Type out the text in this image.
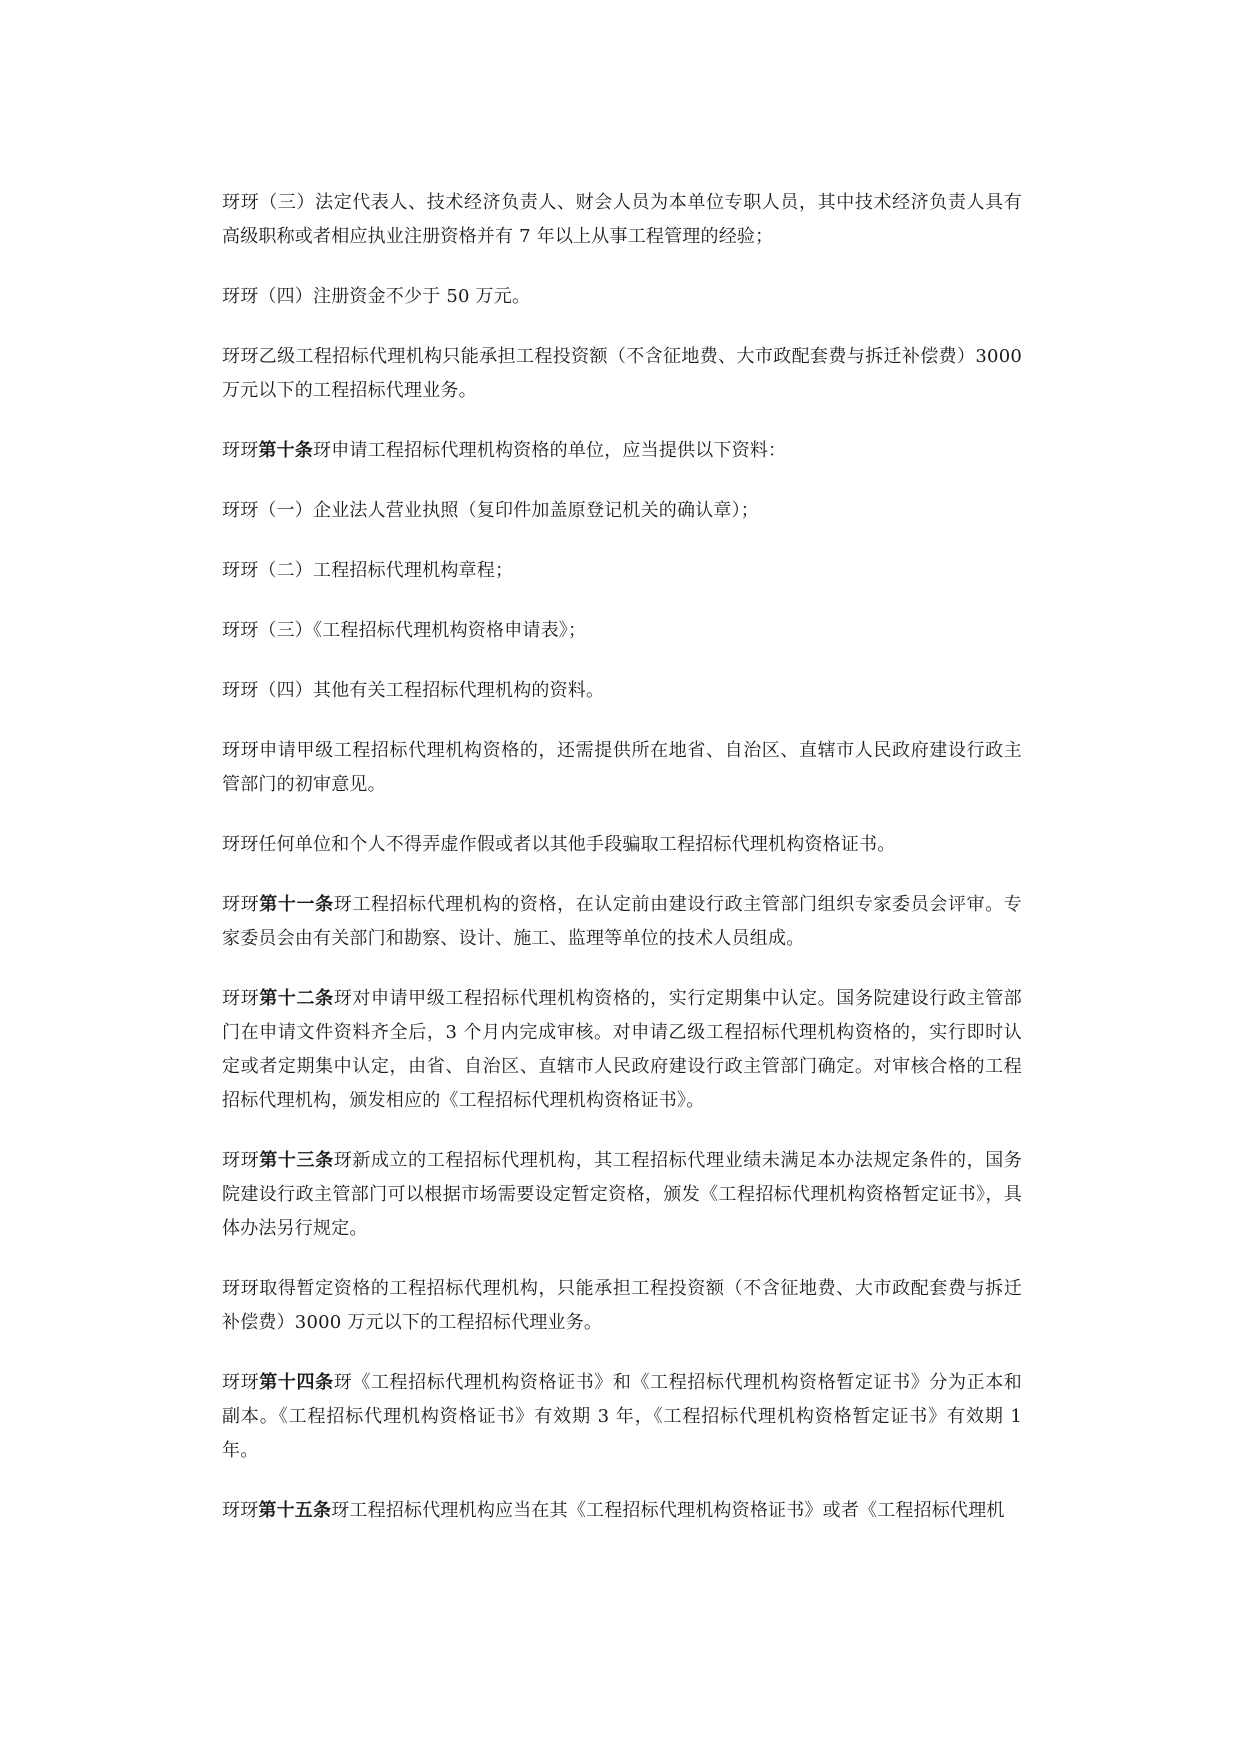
玡玡（三）法定代表人、技术经济负责人、财会人员为本单位专职人员，其中技术经济负责人具有高级职称或者相应执业注册资格并有 7 年以上从事工程管理的经验；

玡玡（四）注册资金不少于 50 万元。

玡玡乙级工程招标代理机构只能承担工程投资额（不含征地费、大市政配套费与拆迁补偿费）3000 万元以下的工程招标代理业务。

玡玡第十条玡申请工程招标代理机构资格的单位，应当提供以下资料：

玡玡（一）企业法人营业执照（复印件加盖原登记机关的确认章）；

玡玡（二）工程招标代理机构章程；

玡玡（三）《工程招标代理机构资格申请表》；

玡玡（四）其他有关工程招标代理机构的资料。

玡玡申请甲级工程招标代理机构资格的，还需提供所在地省、自治区、直辖市人民政府建设行政主管部门的初审意见。

玡玡任何单位和个人不得弄虚作假或者以其他手段骗取工程招标代理机构资格证书。

玡玡第十一条玡工程招标代理机构的资格，在认定前由建设行政主管部门组织专家委员会评审。专家委员会由有关部门和勘察、设计、施工、监理等单位的技术人员组成。

玡玡第十二条玡对申请甲级工程招标代理机构资格的，实行定期集中认定。国务院建设行政主管部门在申请文件资料齐全后，3 个月内完成审核。对申请乙级工程招标代理机构资格的，实行即时认定或者定期集中认定，由省、自治区、直辖市人民政府建设行政主管部门确定。对审核合格的工程招标代理机构，颁发相应的《工程招标代理机构资格证书》。

玡玡第十三条玡新成立的工程招标代理机构，其工程招标代理业绩未满足本办法规定条件的，国务院建设行政主管部门可以根据市场需要设定暂定资格，颁发《工程招标代理机构资格暂定证书》，具体办法另行规定。

玡玡取得暂定资格的工程招标代理机构，只能承担工程投资额（不含征地费、大市政配套费与拆迁补偿费）3000 万元以下的工程招标代理业务。

玡玡第十四条玡《工程招标代理机构资格证书》和《工程招标代理机构资格暂定证书》分为正本和副本。《工程招标代理机构资格证书》有效期 3 年，《工程招标代理机构资格暂定证书》有效期 1 年。

玡玡第十五条玡工程招标代理机构应当在其《工程招标代理机构资格证书》或者《工程招标代理机
